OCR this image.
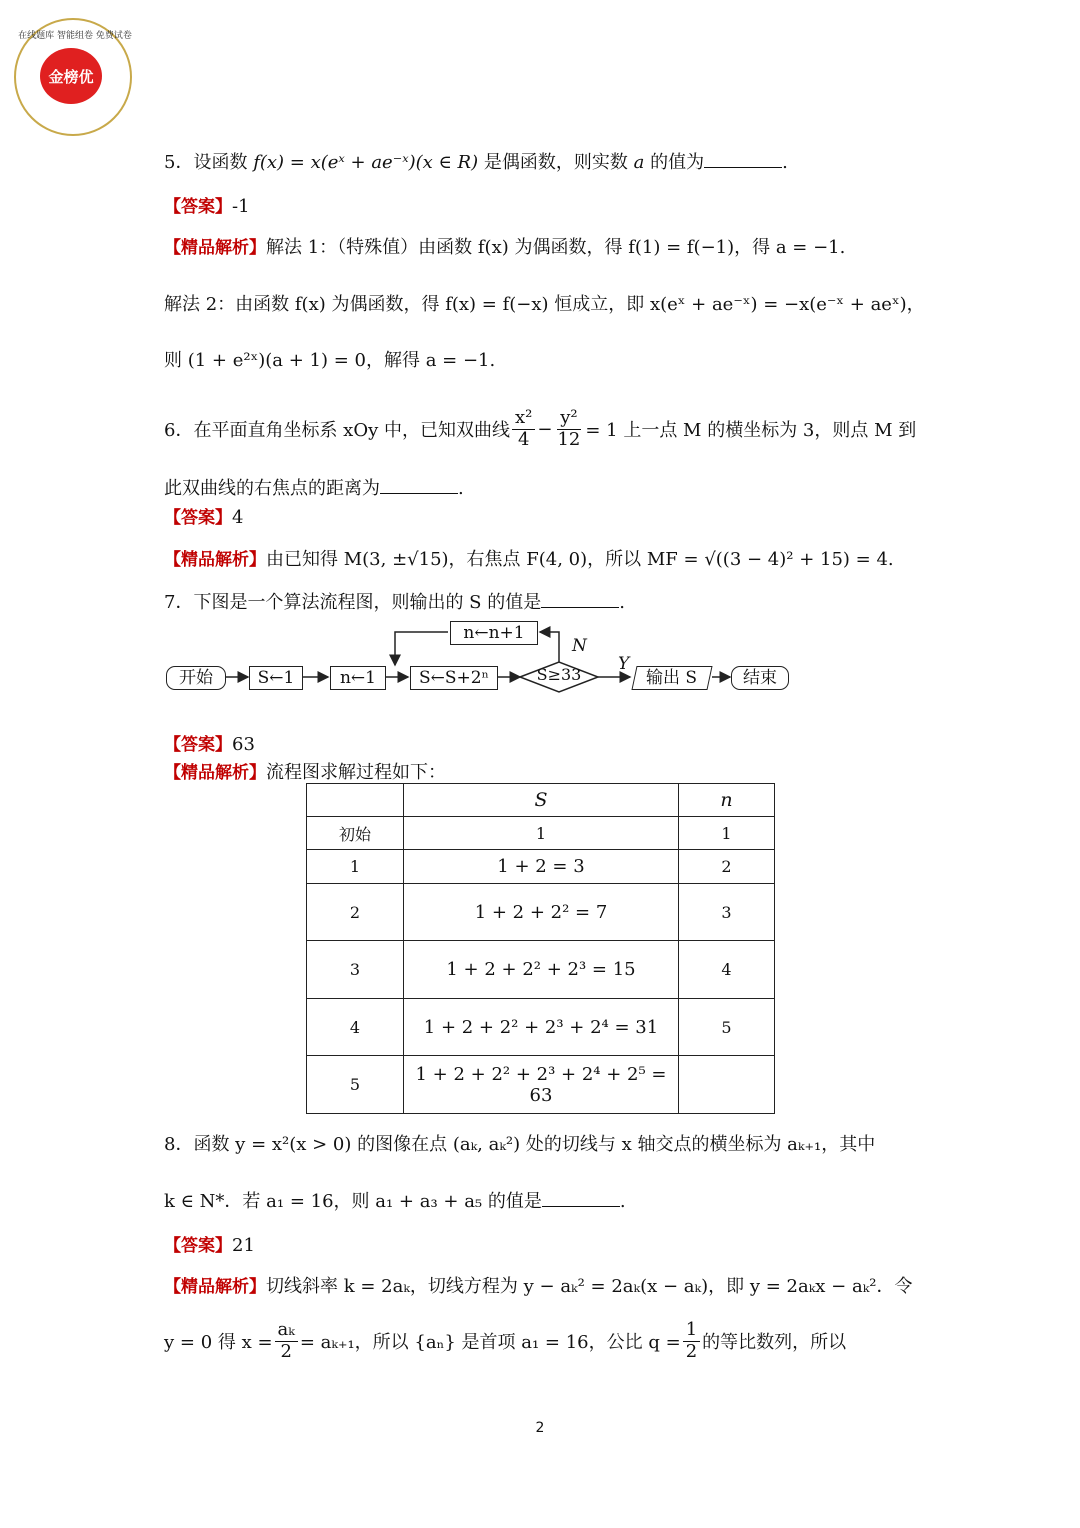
在线题库 智能组卷 免费试卷
金榜优
5．设函数 f(x) = x(eˣ + ae⁻ˣ)(x ∈ R) 是偶函数，则实数 a 的值为	.
【答案】-1
【精品解析】解法 1：（特殊值）由函数 f(x) 为偶函数，得 f(1) = f(−1)，得 a = −1.
解法 2：由函数 f(x) 为偶函数，得 f(x) = f(−x) 恒成立，即 x(eˣ + ae⁻ˣ) = −x(e⁻ˣ + aeˣ)，
则 (1 + e²ˣ)(a + 1) = 0，解得 a = −1.
6．在平面直角坐标系 xOy 中，已知双曲线 $\frac{\text{x²}}{4} - \frac{\text{y²}}{12} = 1$ 上一点 M 的横坐标为 3，则点 M 到
此双曲线的右焦点的距离为	.
【答案】4
【精品解析】由已知得 M(3, ±√15)，右焦点 F(4, 0)，所以 MF = √((3 − 4)² + 15) = 4.
7．下图是一个算法流程图，则输出的 S 的值是	.
开始	S←1	n←1	S←S+2ⁿ	S≥33
n←n+1
N
Y
输出 S	结束
【答案】63
【精品解析】流程图求解过程如下：
	S	n
初始	1	1
1	1 + 2 = 3	2
2	1 + 2 + 2² = 7	3
3	1 + 2 + 2² + 2³ = 15	4
4	1 + 2 + 2² + 2³ + 2⁴ = 31	5
5	1 + 2 + 2² + 2³ + 2⁴ + 2⁵ = 63	
8．函数 y = x²(x > 0) 的图像在点 (aₖ, aₖ²) 处的切线与 x 轴交点的横坐标为 aₖ₊₁，其中
k ∈ N*．若 a₁ = 16，则 a₁ + a₃ + a₅ 的值是	.
【答案】21
【精品解析】切线斜率 k = 2aₖ，切线方程为 y − aₖ² = 2aₖ(x − aₖ)，即 y = 2aₖx − aₖ²．令
y = 0 得 $x = \frac{\text{aₖ}}{2} = a_{k+1}$，所以 {aₙ} 是首项 a₁ = 16，公比 $q = \frac{1}{2}$ 的等比数列，所以
2
